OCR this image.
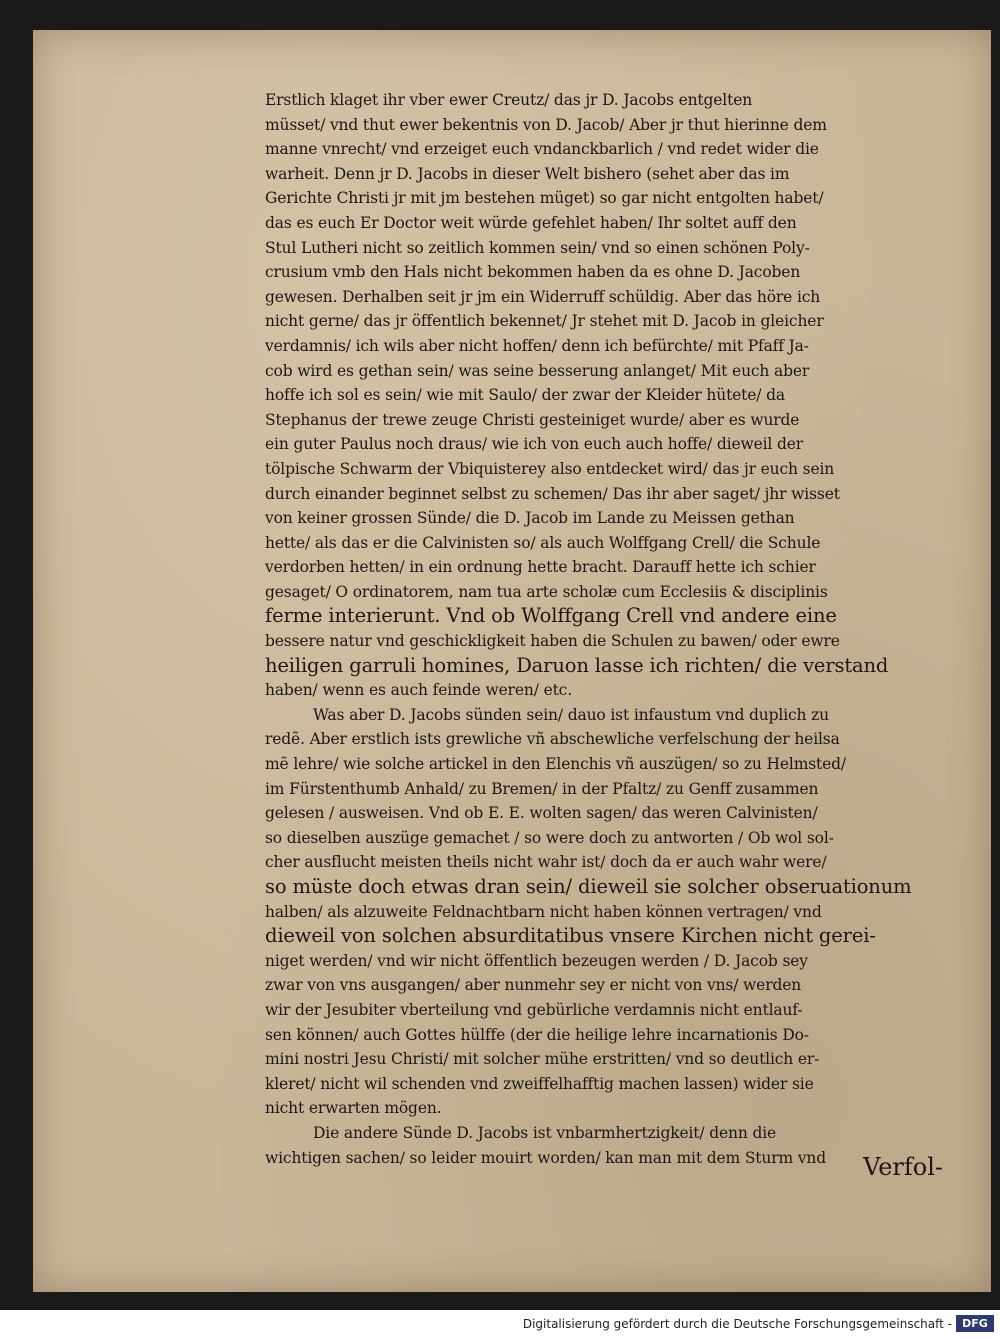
Erstlich klaget ihr vber ewer Creutz/ das jr D. Jacobs entgelten
müsset/ vnd thut ewer bekentnis von D. Jacob/ Aber jr thut hierinne dem
manne vnrecht/ vnd erzeiget euch vndanckbarlich / vnd redet wider die
warheit. Denn jr D. Jacobs in dieser Welt bishero (sehet aber das im
Gerichte Christi jr mit jm bestehen müget) so gar nicht entgolten habet/
das es euch Er Doctor weit würde gefehlet haben/ Ihr soltet auff den
Stul Lutheri nicht so zeitlich kommen sein/ vnd so einen schönen Poly-
crusium vmb den Hals nicht bekommen haben da es ohne D. Jacoben
gewesen. Derhalben seit jr jm ein Widerruff schüldig. Aber das höre ich
nicht gerne/ das jr öffentlich bekennet/ Jr stehet mit D. Jacob in gleicher
verdamnis/ ich wils aber nicht hoffen/ denn ich befürchte/ mit Pfaff Ja-
cob wird es gethan sein/ was seine besserung anlanget/ Mit euch aber
hoffe ich sol es sein/ wie mit Saulo/ der zwar der Kleider hütete/ da
Stephanus der trewe zeuge Christi gesteiniget wurde/ aber es wurde
ein guter Paulus noch draus/ wie ich von euch auch hoffe/ dieweil der
tölpische Schwarm der Vbiquisterey also entdecket wird/ das jr euch sein
durch einander beginnet selbst zu schemen/ Das ihr aber saget/ jhr wisset
von keiner grossen Sünde/ die D. Jacob im Lande zu Meissen gethan
hette/ als das er die Calvinisten so/ als auch Wolffgang Crell/ die Schule
verdorben hetten/ in ein ordnung hette bracht. Darauff hette ich schier
gesaget/ O ordinatorem, nam tua arte scholæ cum Ecclesiis & disciplinis
ferme interierunt. Vnd ob Wolffgang Crell vnd andere eine
bessere natur vnd geschickligkeit haben die Schulen zu bawen/ oder ewre
heiligen garruli homines, Daruon lasse ich richten/ die verstand
haben/ wenn es auch feinde weren/ etc.
Was aber D. Jacobs sünden sein/ dauo ist infaustum vnd duplich zu
redẽ. Aber erstlich ists grewliche vñ abschewliche verfelschung der heilsa
mẽ lehre/ wie solche artickel in den Elenchis vñ auszügen/ so zu Helmsted/
im Fürstenthumb Anhald/ zu Bremen/ in der Pfaltz/ zu Genff zusammen
gelesen / ausweisen. Vnd ob E. E. wolten sagen/ das weren Calvinisten/
so dieselben auszüge gemachet / so were doch zu antworten / Ob wol sol-
cher ausflucht meisten theils nicht wahr ist/ doch da er auch wahr were/
so müste doch etwas dran sein/ dieweil sie solcher obseruationum
halben/ als alzuweite Feldnachtbarn nicht haben können vertragen/ vnd
dieweil von solchen absurditatibus vnsere Kirchen nicht gerei-
niget werden/ vnd wir nicht öffentlich bezeugen werden / D. Jacob sey
zwar von vns ausgangen/ aber nunmehr sey er nicht von vns/ werden
wir der Jesubiter vberteilung vnd gebürliche verdamnis nicht entlauf-
sen können/ auch Gottes hülffe (der die heilige lehre incarnationis Do-
mini nostri Jesu Christi/ mit solcher mühe erstritten/ vnd so deutlich er-
kleret/ nicht wil schenden vnd zweiffelhafftig machen lassen) wider sie
nicht erwarten mögen.
Die andere Sünde D. Jacobs ist vnbarmhertzigkeit/ denn die
wichtigen sachen/ so leider mouirt worden/ kan man mit dem Sturm vnd	Verfol-
Digitalisierung gefördert durch die Deutsche Forschungsgemeinschaft - DFG
